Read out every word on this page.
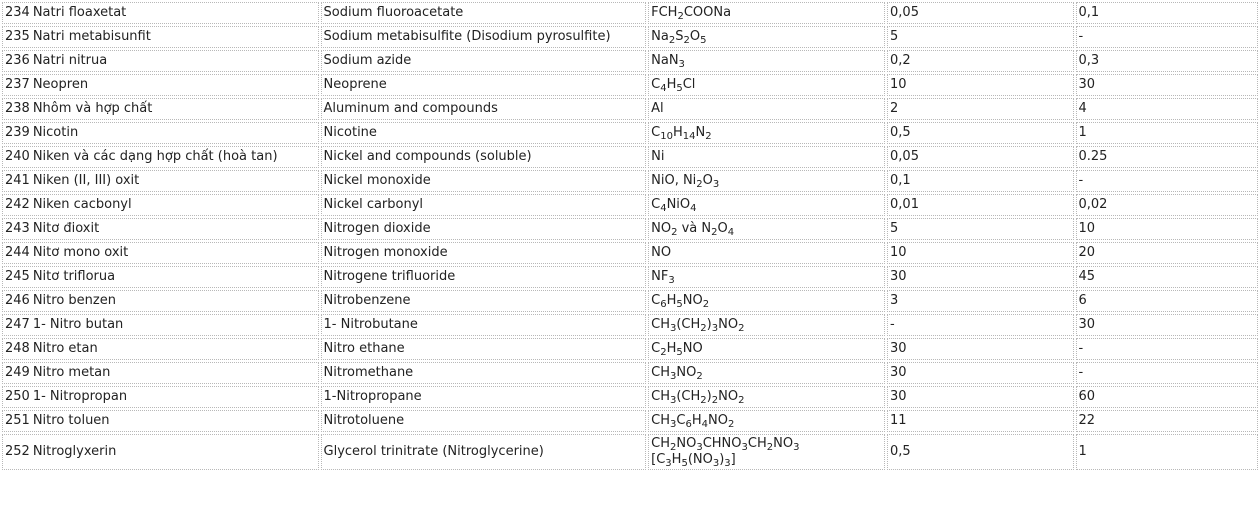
234 Natri floaxetat	Sodium fluoroacetate	$FCH_2COONa$	0,05	0,1
235 Natri metabisunfit	Sodium metabisulfite (Disodium pyrosulfite)	$Na_2S_2O_5$	5	-
236 Natri nitrua	Sodium azide	NaN$_3$	0,2	0,3
237 Neopren	Neoprene	$C_4H_5Cl$	10	30
238 Nhôm và hợp chất	Aluminum and compounds	Al	2	4
239 Nicotin	Nicotine	$C_{10}H_{14}N_2$	0,5	1
240 Niken và các dạng hợp chất (hoà tan)	Nickel and compounds (soluble)	Ni	0,05	0.25
241 Niken (II, III) oxit	Nickel monoxide	NiO, $Ni_2O_3$	0,1	-
242 Niken cacbonyl	Nickel carbonyl	$C_4NiO_4$	0,01	0,02
243 Nitơ đioxit	Nitrogen dioxide	$NO_2$ và $N_2O_4$	5	10
244 Nitơ mono oxit	Nitrogen monoxide	NO	10	20
245 Nitơ triflorua	Nitrogene trifluoride	$NF_3$	30	45
246 Nitro benzen	Nitrobenzene	$C_6H_5NO_2$	3	6
247 1- Nitro butan	1- Nitrobutane	$CH_3(CH_2)_3NO_2$	-	30
248 Nitro etan	Nitro ethane	$C_2H_5NO$	30	-
249 Nitro metan	Nitromethane	$CH_3NO_2$	30	-
250 1- Nitropropan	1-Nitropropane	$CH_3(CH_2)_2NO_2$	30	60
251 Nitro toluen	Nitrotoluene	$CH_3C_6H_4NO_2$	11	22
252 Nitroglyxerin	Glycerol trinitrate (Nitroglycerine)	$CH_2NO_3CHNO_3CH_2NO_3$
$[C_3H_5(NO_3)_3]$	0,5	1
